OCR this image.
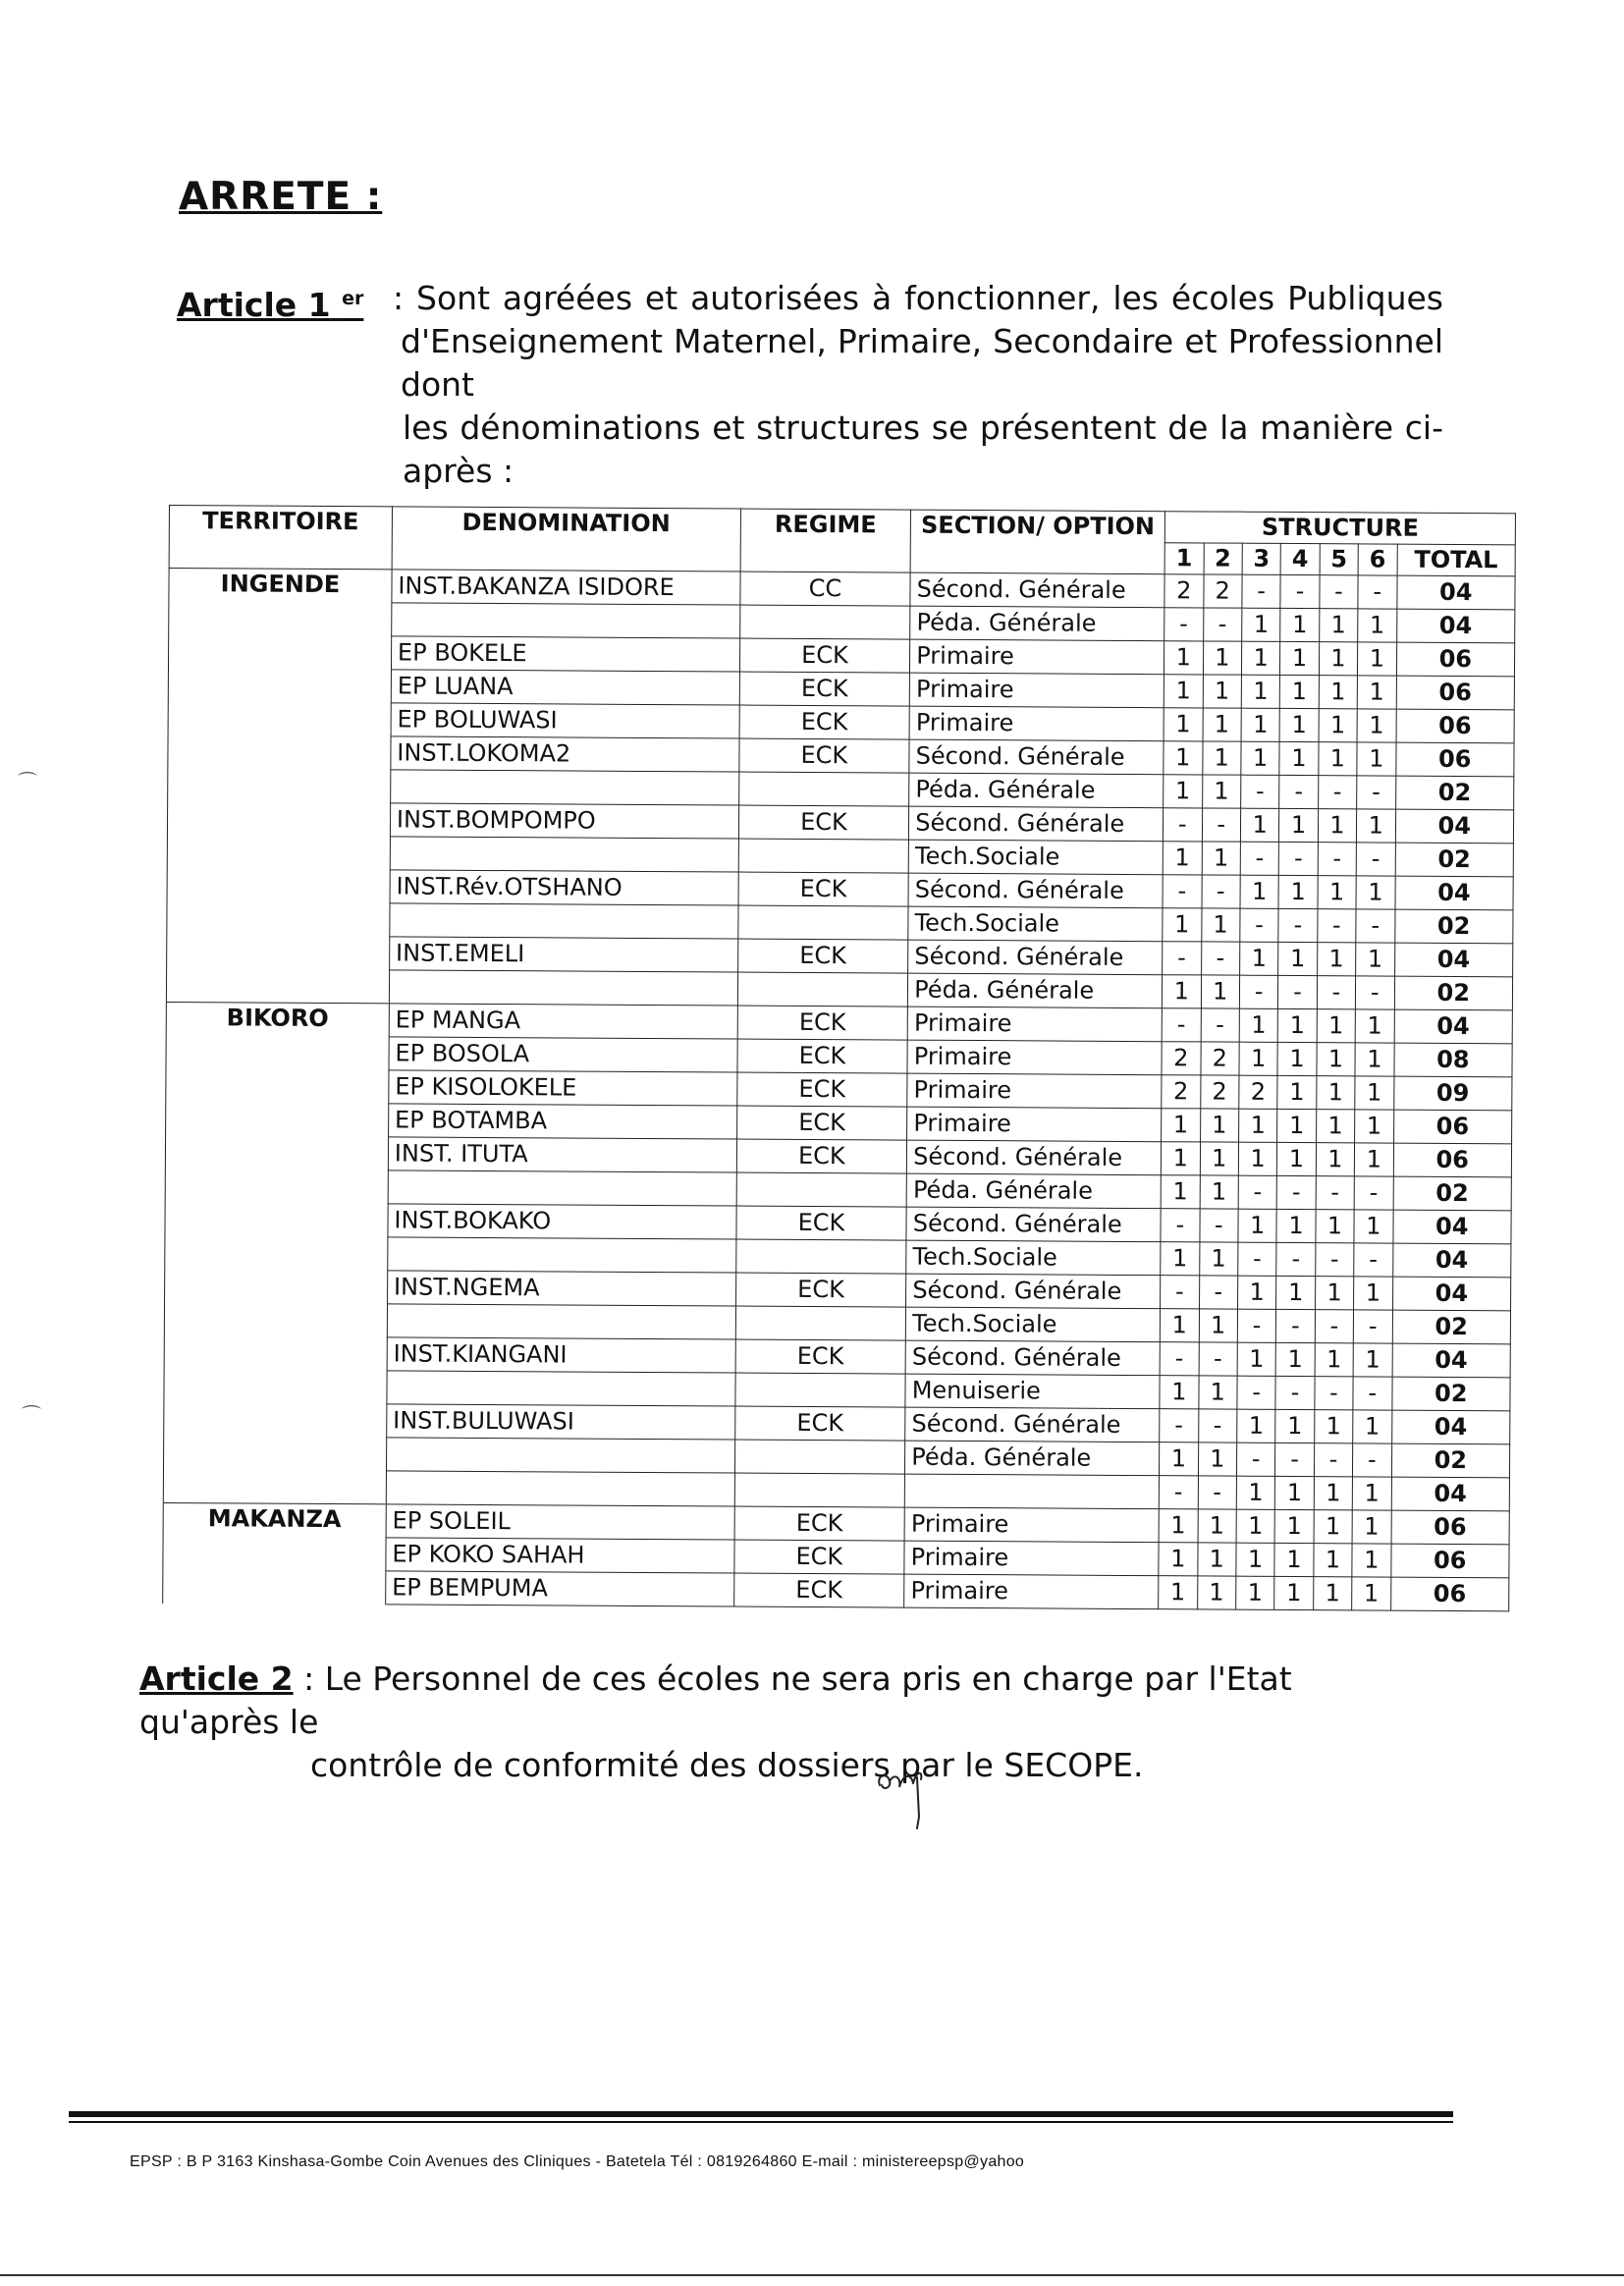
⌒
⌒
ARRETE :
Article 1 $^{er}$ : Sont agréées et autorisées à fonctionner, les écoles Publiques
d'Enseignement Maternel, Primaire, Secondaire et Professionnel dont
les dénominations et structures se présentent de la manière ci-après :
TERRITOIRE	DENOMINATION	REGIME	SECTION/ OPTION	STRUCTURE						
				1	2	3	4	5	6	TOTAL
INGENDE	INST.BAKANZA ISIDORE	CC	Sécond. Générale	2	2	-	-	-	-	04
			Péda. Générale	-	-	1	1	1	1	04
	EP BOKELE	ECK	Primaire	1	1	1	1	1	1	06
	EP LUANA	ECK	Primaire	1	1	1	1	1	1	06
	EP BOLUWASI	ECK	Primaire	1	1	1	1	1	1	06
	INST.LOKOMA2	ECK	Sécond. Générale	1	1	1	1	1	1	06
			Péda. Générale	1	1	-	-	-	-	02
	INST.BOMPOMPO	ECK	Sécond. Générale	-	-	1	1	1	1	04
			Tech.Sociale	1	1	-	-	-	-	02
	INST.Rév.OTSHANO	ECK	Sécond. Générale	-	-	1	1	1	1	04
			Tech.Sociale	1	1	-	-	-	-	02
	INST.EMELI	ECK	Sécond. Générale	-	-	1	1	1	1	04
			Péda. Générale	1	1	-	-	-	-	02
BIKORO	EP MANGA	ECK	Primaire	-	-	1	1	1	1	04
	EP BOSOLA	ECK	Primaire	2	2	1	1	1	1	08
	EP KISOLOKELE	ECK	Primaire	2	2	2	1	1	1	09
	EP BOTAMBA	ECK	Primaire	1	1	1	1	1	1	06
	INST. ITUTA	ECK	Sécond. Générale	1	1	1	1	1	1	06
			Péda. Générale	1	1	-	-	-	-	02
	INST.BOKAKO	ECK	Sécond. Générale	-	-	1	1	1	1	04
			Tech.Sociale	1	1	-	-	-	-	04
	INST.NGEMA	ECK	Sécond. Générale	-	-	1	1	1	1	04
			Tech.Sociale	1	1	-	-	-	-	02
	INST.KIANGANI	ECK	Sécond. Générale	-	-	1	1	1	1	04
			Menuiserie	1	1	-	-	-	-	02
	INST.BULUWASI	ECK	Sécond. Générale	-	-	1	1	1	1	04
			Péda. Générale	1	1	-	-	-	-	02
				-	-	1	1	1	1	04
MAKANZA	EP SOLEIL	ECK	Primaire	1	1	1	1	1	1	06
	EP KOKO SAHAH	ECK	Primaire	1	1	1	1	1	1	06
	EP BEMPUMA	ECK	Primaire	1	1	1	1	1	1	06
Article 2 : Le Personnel de ces écoles ne sera pris en charge par l'Etat qu'après le
contrôle de conformité des dossiers par le SECOPE.
EPSP : B P 3163 Kinshasa-Gombe Coin Avenues des Cliniques - Batetela Tél : 0819264860 E-mail : ministereepsp@yahoo
